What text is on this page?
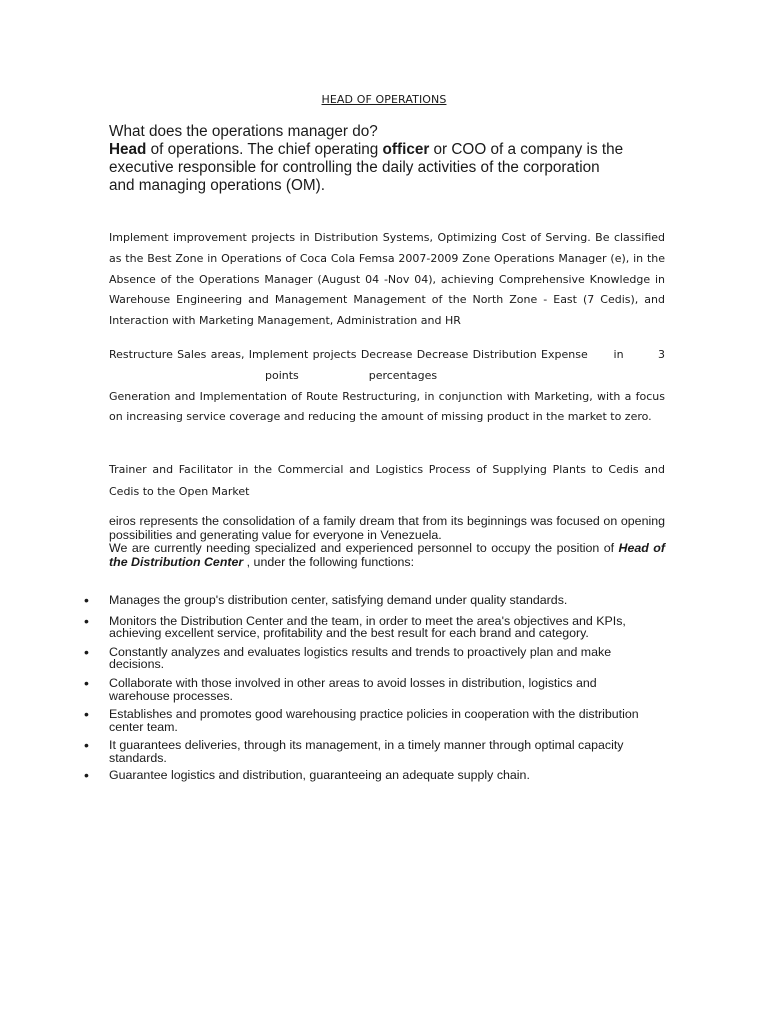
HEAD OF OPERATIONS

What does the operations manager do?

Head of operations. The chief operating officer or COO of a company is the executive responsible for controlling the daily activities of the corporation and managing operations (OM).

Implement improvement projects in Distribution Systems, Optimizing Cost of Serving. Be classified as the Best Zone in Operations of Coca Cola Femsa 2007-2009 Zone Operations Manager (e), in the Absence of the Operations Manager (August 04 -Nov 04), achieving Comprehensive Knowledge in Warehouse Engineering and Management Management of the North Zone - East (7 Cedis), and Interaction with Marketing Management, Administration and HR

Restructure Sales areas, Implement projects Decrease Decrease Distribution Expense      in        3

points                    percentages

Generation and Implementation of Route Restructuring, in conjunction with Marketing, with a focus on increasing service coverage and reducing the amount of missing product in the market to zero.

Trainer and Facilitator in the Commercial and Logistics Process of Supplying Plants to Cedis and Cedis to the Open Market

eiros represents the consolidation of a family dream that from its beginnings was focused on opening possibilities and generating value for everyone in Venezuela.

We are currently needing specialized and experienced personnel to occupy the position of Head of the Distribution Center , under the following functions:

• Manages the group's distribution center, satisfying demand under quality standards.
• Monitors the Distribution Center and the team, in order to meet the area's objectives and KPIs, achieving excellent service, profitability and the best result for each brand and category.
• Constantly analyzes and evaluates logistics results and trends to proactively plan and make decisions.
• Collaborate with those involved in other areas to avoid losses in distribution, logistics and warehouse processes.
• Establishes and promotes good warehousing practice policies in cooperation with the distribution center team.
• It guarantees deliveries, through its management, in a timely manner through optimal capacity standards.
• Guarantee logistics and distribution, guaranteeing an adequate supply chain.
